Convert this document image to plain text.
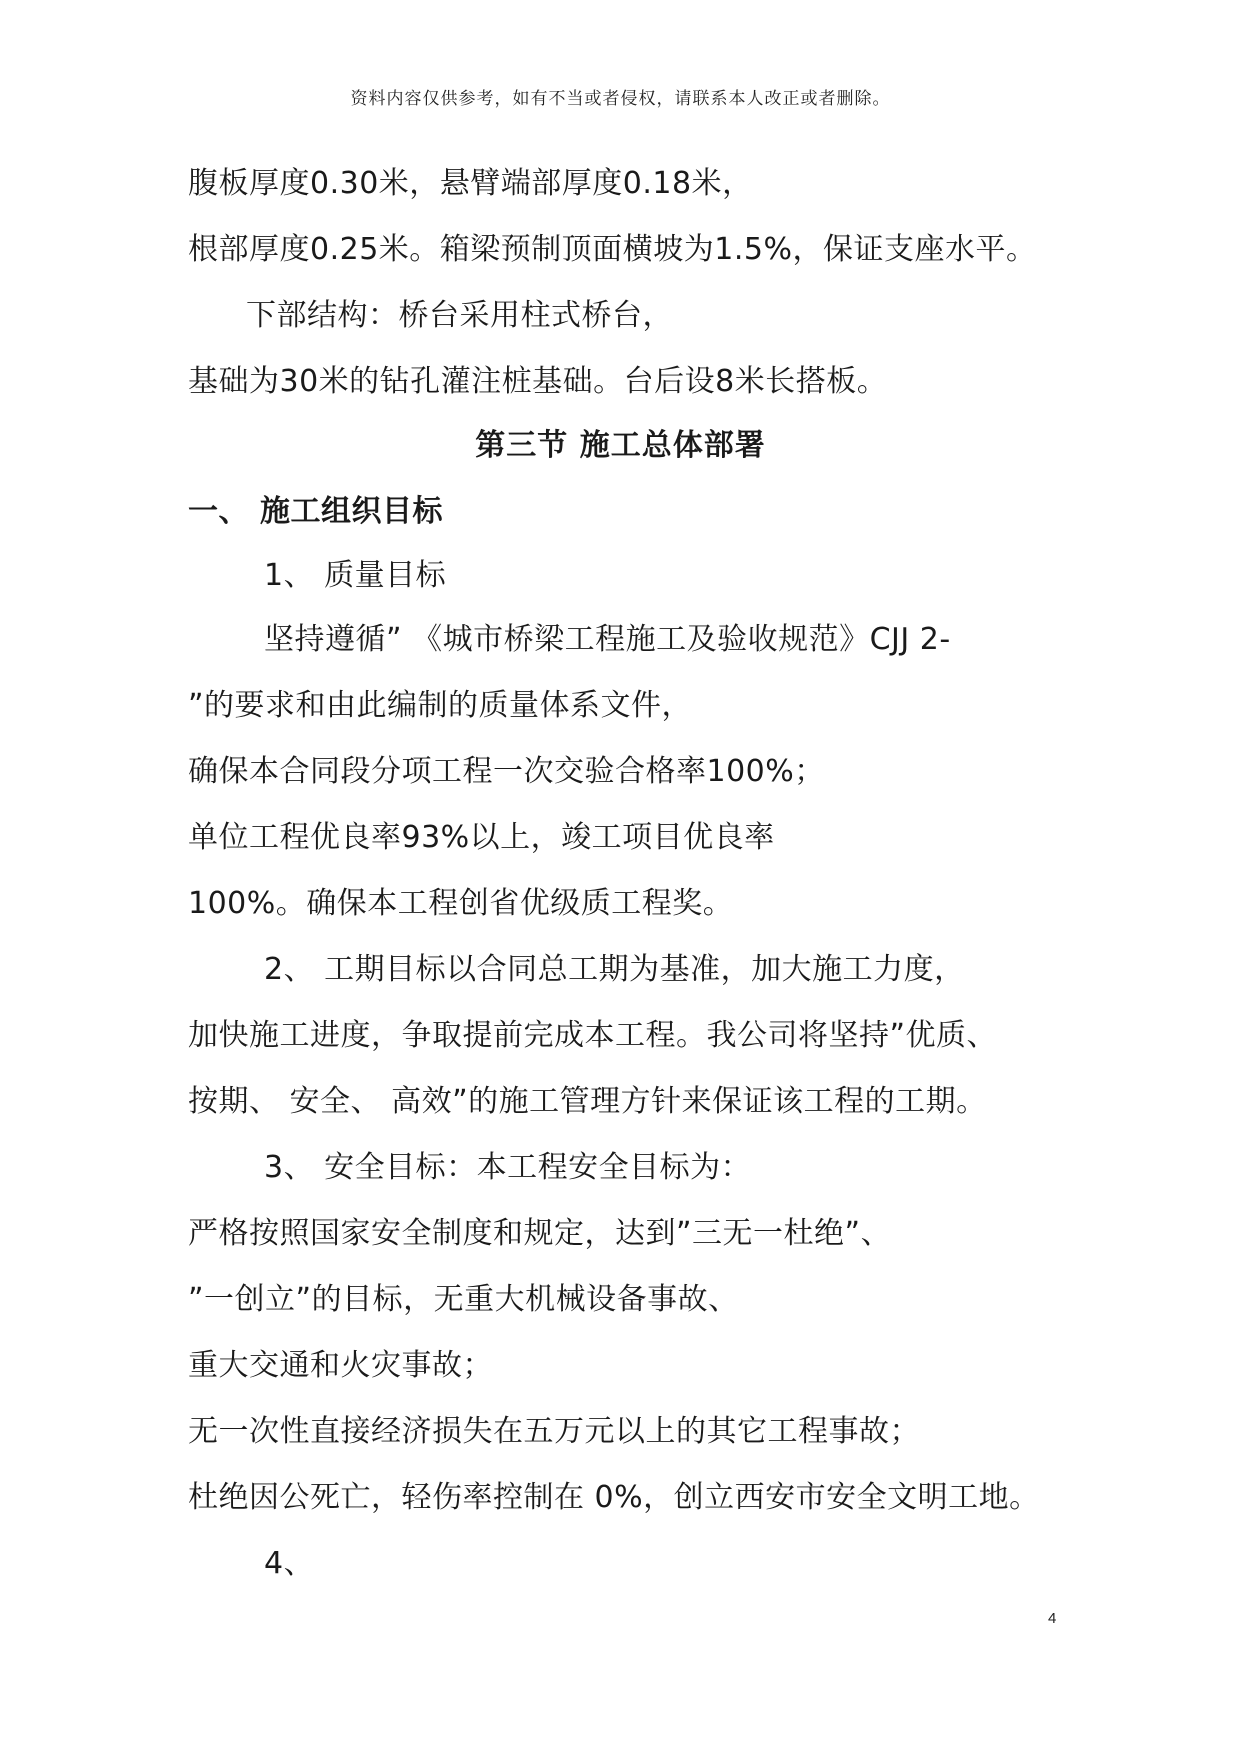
资料内容仅供参考，如有不当或者侵权，请联系本人改正或者删除。
腹板厚度0.30米，悬臂端部厚度0.18米，
根部厚度0.25米。箱梁预制顶面横坡为1.5%，保证支座水平。
下部结构：桥台采用柱式桥台，
基础为30米的钻孔灌注桩基础。台后设8米长搭板。
第三节 施工总体部署
一、 施工组织目标
1、 质量目标
坚持遵循” 《城市桥梁工程施工及验收规范》CJJ 2-
”的要求和由此编制的质量体系文件，
确保本合同段分项工程一次交验合格率100%；
单位工程优良率93%以上，竣工项目优良率
100%。确保本工程创省优级质工程奖。
2、 工期目标以合同总工期为基准，加大施工力度，
加快施工进度，争取提前完成本工程。我公司将坚持”优质、
按期、 安全、 高效”的施工管理方针来保证该工程的工期。
3、 安全目标：本工程安全目标为：
严格按照国家安全制度和规定，达到”三无一杜绝”、
”一创立”的目标，无重大机械设备事故、
重大交通和火灾事故；
无一次性直接经济损失在五万元以上的其它工程事故；
杜绝因公死亡，轻伤率控制在 0%，创立西安市安全文明工地。
4、
4
